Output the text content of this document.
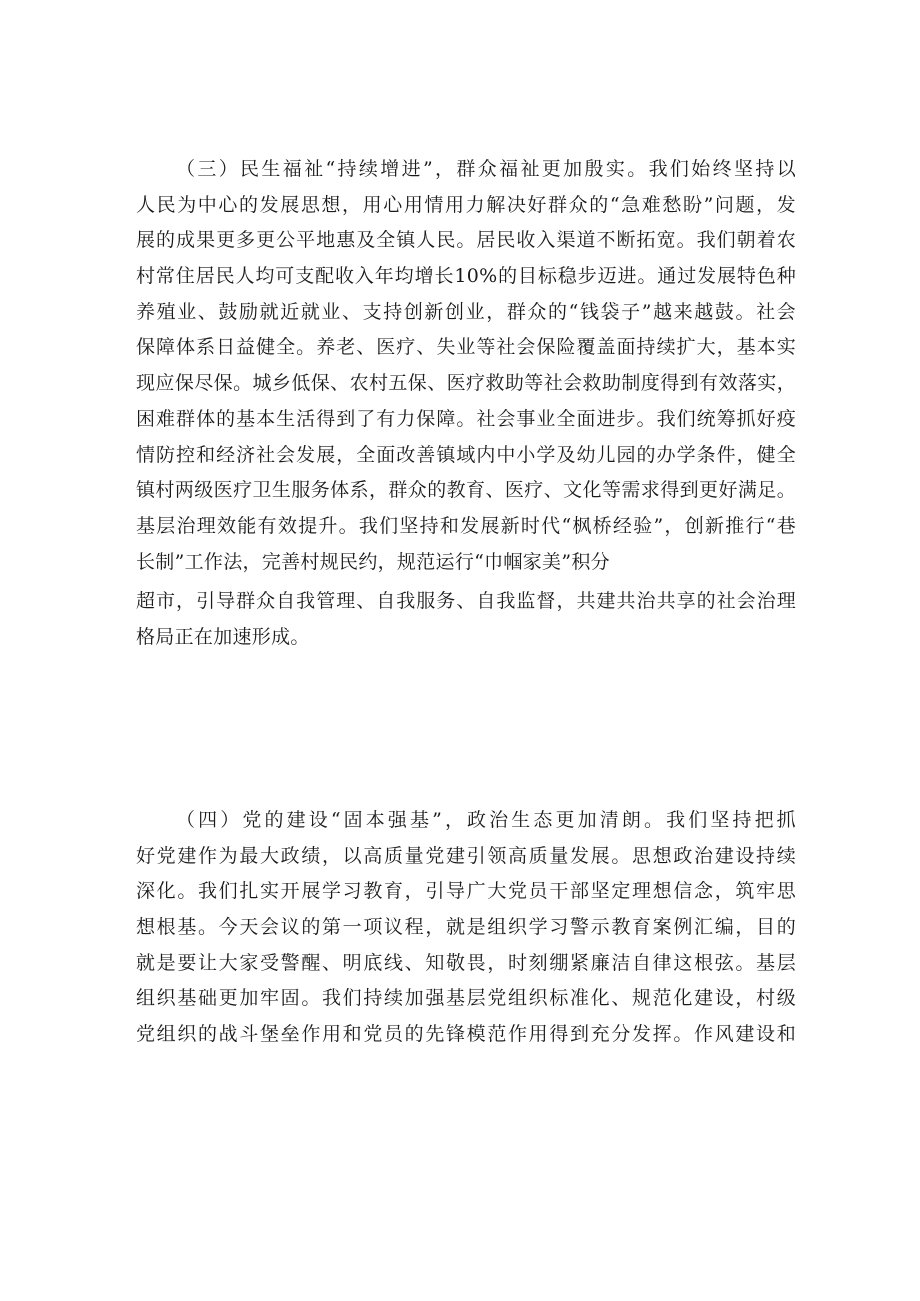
（三）民生福祉“持续增进”，群众福祉更加殷实。我们始终坚持以
人民为中心的发展思想，用心用情用力解决好群众的“急难愁盼”问题，发
展的成果更多更公平地惠及全镇人民。居民收入渠道不断拓宽。我们朝着农
村常住居民人均可支配收入年均增长10%的目标稳步迈进。通过发展特色种
养殖业、鼓励就近就业、支持创新创业，群众的“钱袋子”越来越鼓。社会
保障体系日益健全。养老、医疗、失业等社会保险覆盖面持续扩大，基本实
现应保尽保。城乡低保、农村五保、医疗救助等社会救助制度得到有效落实，
困难群体的基本生活得到了有力保障。社会事业全面进步。我们统筹抓好疫
情防控和经济社会发展，全面改善镇域内中小学及幼儿园的办学条件，健全
镇村两级医疗卫生服务体系，群众的教育、医疗、文化等需求得到更好满足。
基层治理效能有效提升。我们坚持和发展新时代“枫桥经验”，创新推行“巷
长制”工作法，完善村规民约，规范运行“巾帼家美”积分
超市，引导群众自我管理、自我服务、自我监督，共建共治共享的社会治理
格局正在加速形成。
（四）党的建设“固本强基”，政治生态更加清朗。我们坚持把抓
好党建作为最大政绩，以高质量党建引领高质量发展。思想政治建设持续
深化。我们扎实开展学习教育，引导广大党员干部坚定理想信念，筑牢思
想根基。今天会议的第一项议程，就是组织学习警示教育案例汇编，目的
就是要让大家受警醒、明底线、知敬畏，时刻绷紧廉洁自律这根弦。基层
组织基础更加牢固。我们持续加强基层党组织标准化、规范化建设，村级
党组织的战斗堡垒作用和党员的先锋模范作用得到充分发挥。作风建设和
